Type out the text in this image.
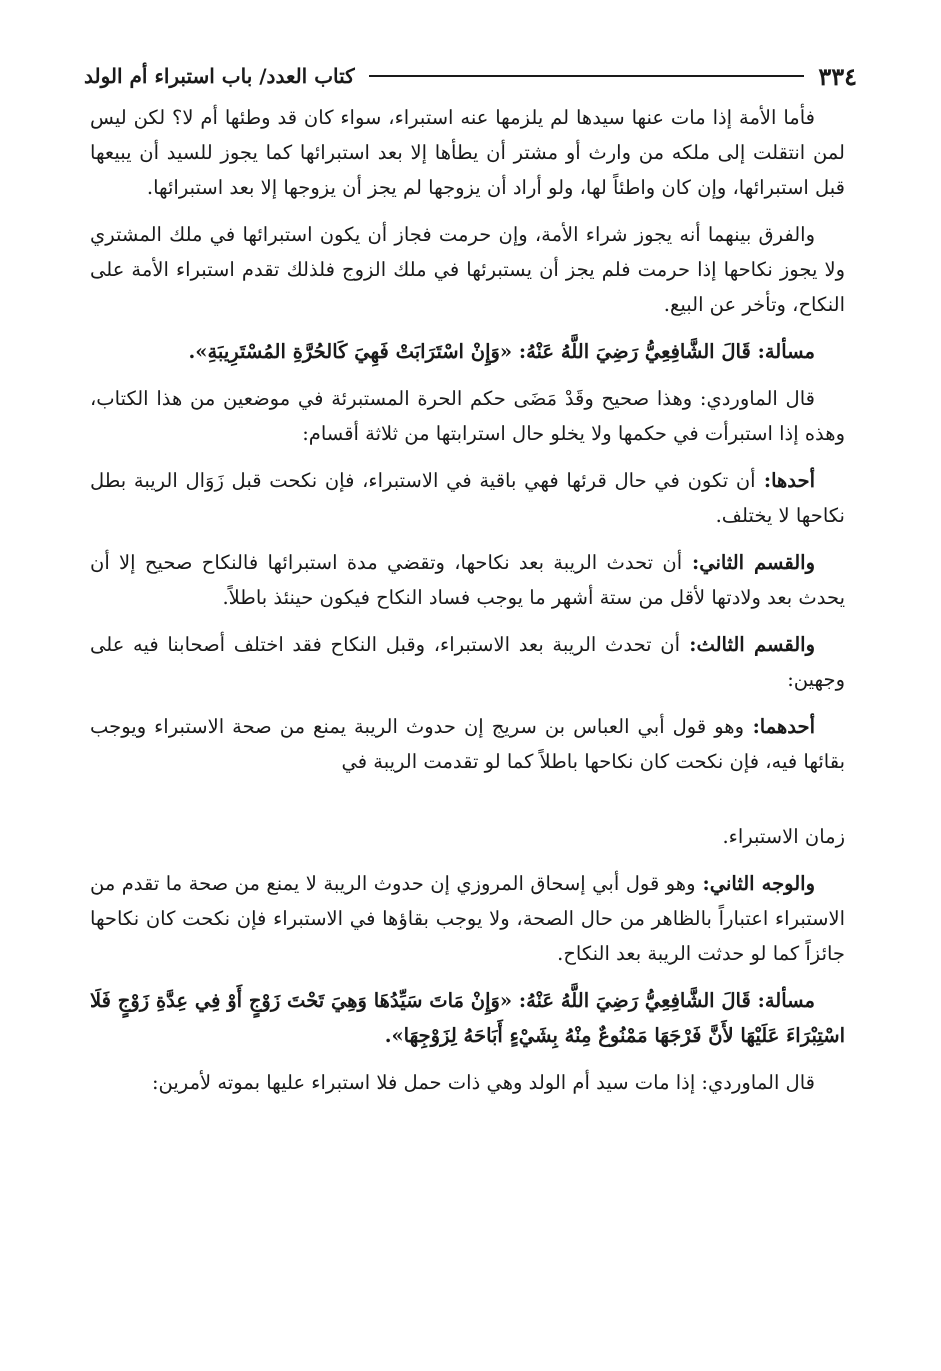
٣٣٤
كتاب العدد/ باب استبراء أم الولد

فأما الأمة إذا مات عنها سيدها لم يلزمها عنه استبراء، سواء كان قد وطئها أم لا؟ لكن ليس لمن انتقلت إلى ملكه من وارث أو مشتر أن يطأها إلا بعد استبرائها كما يجوز للسيد أن يبيعها قبل استبرائها، وإن كان واطئاً لها، ولو أراد أن يزوجها لم يجز أن يزوجها إلا بعد استبرائها.

والفرق بينهما أنه يجوز شراء الأمة، وإن حرمت فجاز أن يكون استبرائها في ملك المشتري ولا يجوز نكاحها إذا حرمت فلم يجز أن يستبرئها في ملك الزوج فلذلك تقدم استبراء الأمة على النكاح، وتأخر عن البيع.

مسألة: قَالَ الشَّافِعِيُّ رَضِيَ اللَّهُ عَنْهُ: «وَإِنْ اسْتَرَابَتْ فَهِيَ كَالحُرَّةِ المُسْتَرِيبَةِ».

قال الماوردي: وهذا صحيح وقَدْ مَضَى حكم الحرة المستبرئة في موضعين من هذا الكتاب، وهذه إذا استبرأت في حكمها ولا يخلو حال استرابتها من ثلاثة أقسام:

أحدها: أن تكون في حال قرئها فهي باقية في الاستبراء، فإن نكحت قبل زَوَال الريبة بطل نكاحها لا يختلف.

والقسم الثاني: أن تحدث الريبة بعد نكاحها، وتقضي مدة استبرائها فالنكاح صحيح إلا أن يحدث بعد ولادتها لأقل من ستة أشهر ما يوجب فساد النكاح فيكون حينئذ باطلاً.

والقسم الثالث: أن تحدث الريبة بعد الاستبراء، وقبل النكاح فقد اختلف أصحابنا فيه على وجهين:

أحدهما: وهو قول أبي العباس بن سريج إن حدوث الريبة يمنع من صحة الاستبراء ويوجب بقائها فيه، فإن نكحت كان نكاحها باطلاً كما لو تقدمت الريبة في

زمان الاستبراء.

والوجه الثاني: وهو قول أبي إسحاق المروزي إن حدوث الريبة لا يمنع من صحة ما تقدم من الاستبراء اعتباراً بالظاهر من حال الصحة، ولا يوجب بقاؤها في الاستبراء فإن نكحت كان نكاحها جائزاً كما لو حدثت الريبة بعد النكاح.

مسألة: قَالَ الشَّافِعِيُّ رَضِيَ اللَّهُ عَنْهُ: «وَإِنْ مَاتَ سَيِّدُهَا وَهِيَ تَحْتَ زَوْجٍ أَوْ فِي عِدَّةِ زَوْجٍ فَلَا اسْتِبْرَاءَ عَلَيْهَا لأَنَّ فَرْجَهَا مَمْنُوعٌ مِنْهُ بِشَيْءٍ أَبَاحَهُ لِزَوْجِهَا».

قال الماوردي: إذا مات سيد أم الولد وهي ذات حمل فلا استبراء عليها بموته لأمرين:
